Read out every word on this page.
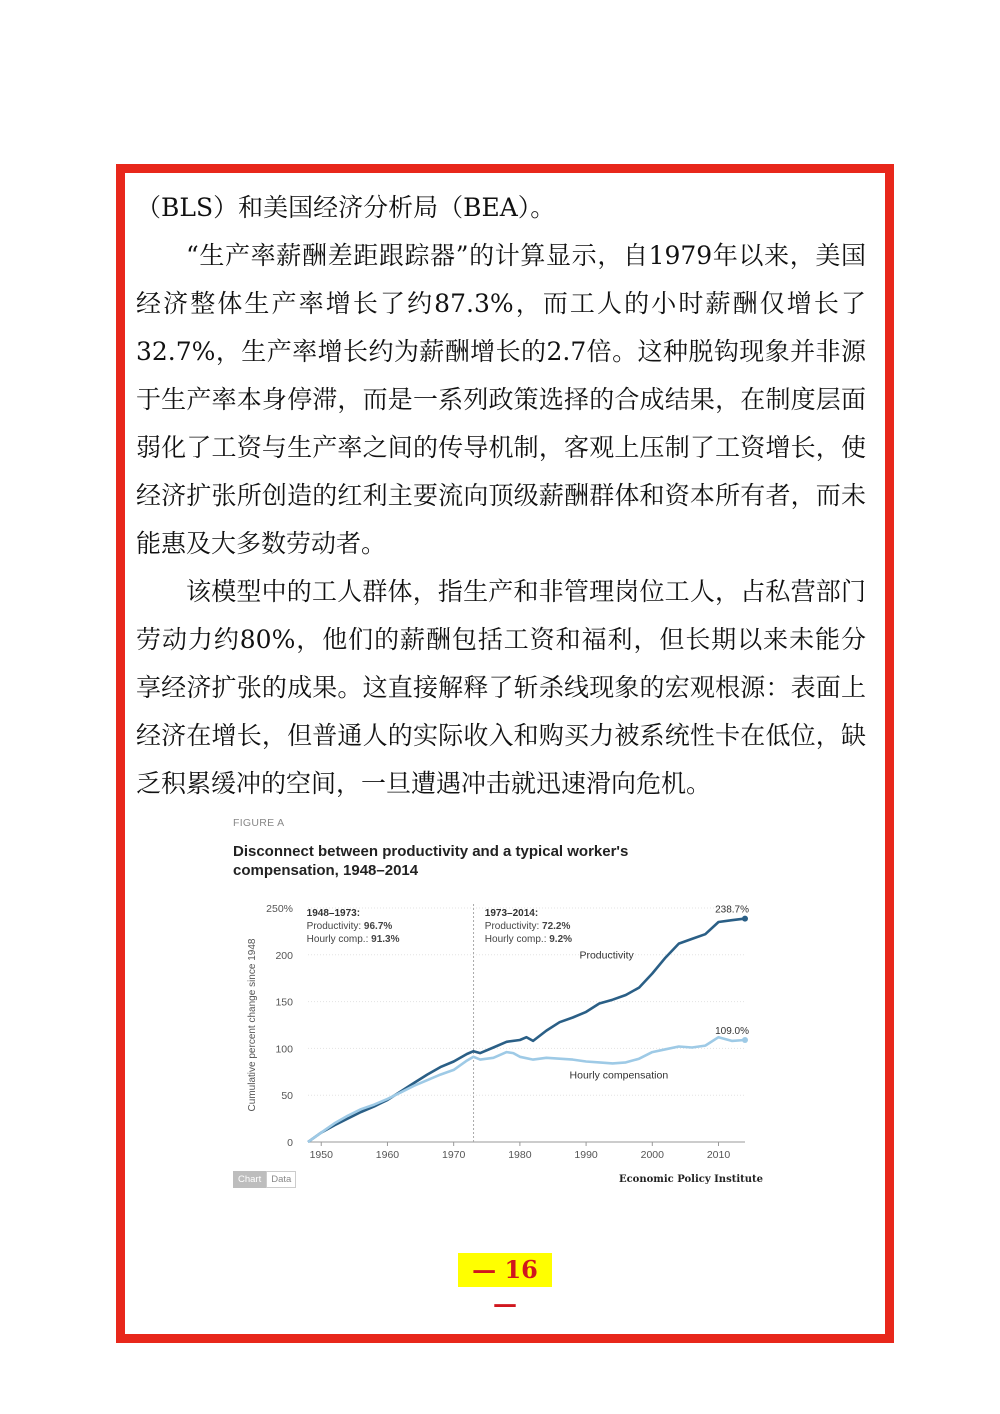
（BLS）和美国经济分析局（BEA）。

“生产率薪酬差距跟踪器”的计算显示，自1979年以来，美国经济整体生产率增长了约87.3%，而工人的小时薪酬仅增长了32.7%，生产率增长约为薪酬增长的2.7倍。这种脱钩现象并非源于生产率本身停滞，而是一系列政策选择的合成结果，在制度层面弱化了工资与生产率之间的传导机制，客观上压制了工资增长，使经济扩张所创造的红利主要流向顶级薪酬群体和资本所有者，而未能惠及大多数劳动者。

该模型中的工人群体，指生产和非管理岗位工人，占私营部门劳动力约80%，他们的薪酬包括工资和福利，但长期以来未能分享经济扩张的成果。这直接解释了斩杀线现象的宏观根源：表面上经济在增长，但普通人的实际收入和购买力被系统性卡在低位，缺乏积累缓冲的空间，一旦遭遇冲击就迅速滑向危机。

FIGURE A
Disconnect between productivity and a typical worker's compensation, 1948–2014
0
50
100
150
200
250%
1950	1960	1970	1980	1990	2000	2010
Cumulative percent change since 1948
238.7%
109.0%
Productivity
Hourly compensation
1948–1973:
Productivity: 96.7%
Hourly comp.: 91.3%
1973–2014:
Productivity: 72.2%
Hourly comp.: 9.2%
Chart	Data	Economic Policy Institute
— 16 —
